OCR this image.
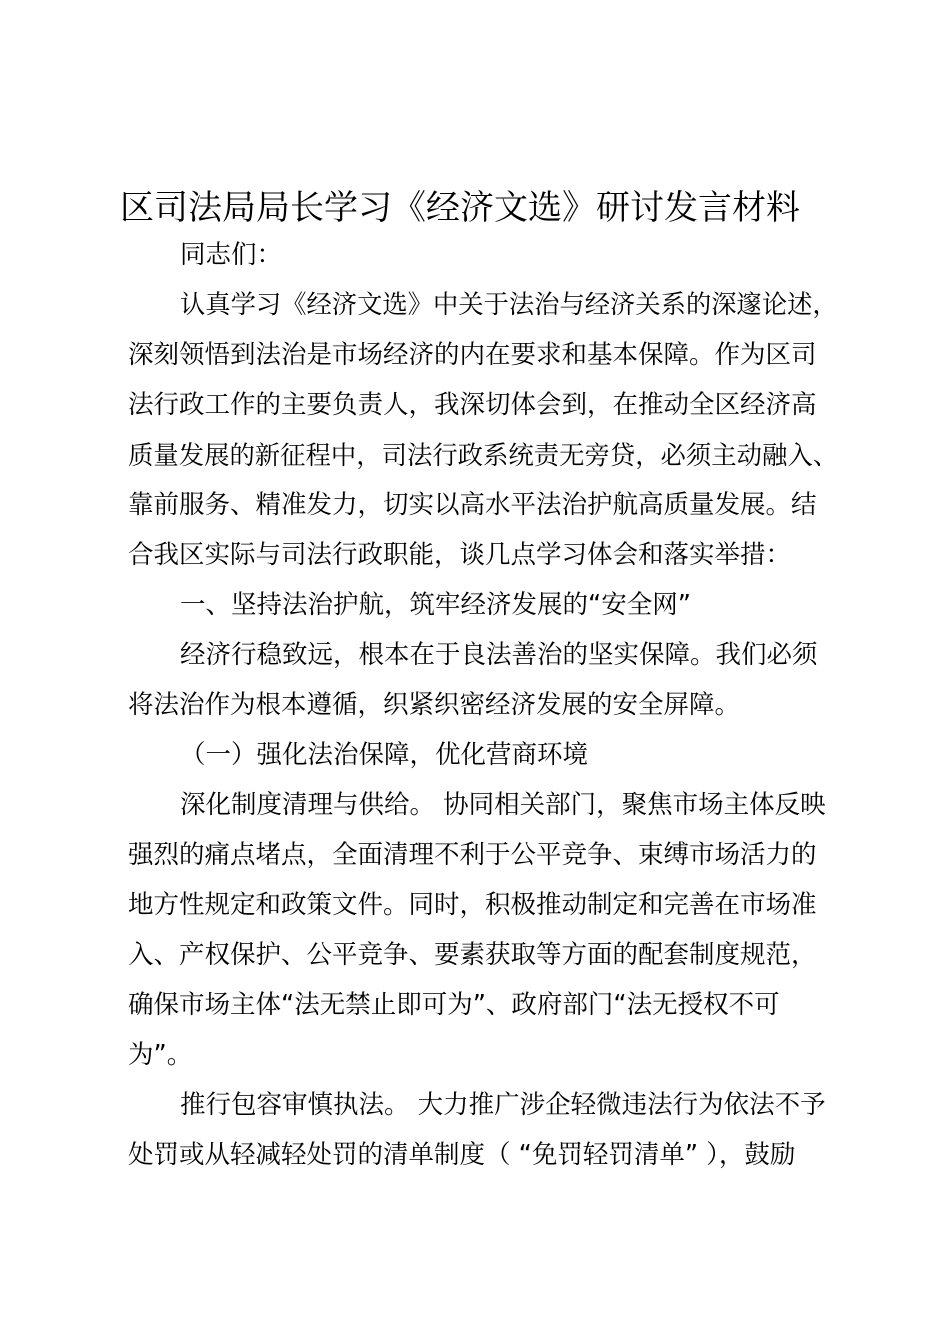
区司法局局长学习《经济文选》研讨发言材料
同志们：
认真学习《经济文选》中关于法治与经济关系的深邃论述，
深刻领悟到法治是市场经济的内在要求和基本保障。作为区司
法行政工作的主要负责人，我深切体会到，在推动全区经济高
质量发展的新征程中，司法行政系统责无旁贷，必须主动融入、
靠前服务、精准发力，切实以高水平法治护航高质量发展。结
合我区实际与司法行政职能，谈几点学习体会和落实举措：
一、坚持法治护航，筑牢经济发展的“安全网”
经济行稳致远，根本在于良法善治的坚实保障。我们必须
将法治作为根本遵循，织紧织密经济发展的安全屏障。
（一）强化法治保障，优化营商环境
深化制度清理与供给。 协同相关部门，聚焦市场主体反映
强烈的痛点堵点，全面清理不利于公平竞争、束缚市场活力的
地方性规定和政策文件。同时，积极推动制定和完善在市场准
入、产权保护、公平竞争、要素获取等方面的配套制度规范，
确保市场主体“法无禁止即可为”、政府部门“法无授权不可
为”。
推行包容审慎执法。 大力推广涉企轻微违法行为依法不予
处罚或从轻减轻处罚的清单制度（ “免罚轻罚清单” ），鼓励
